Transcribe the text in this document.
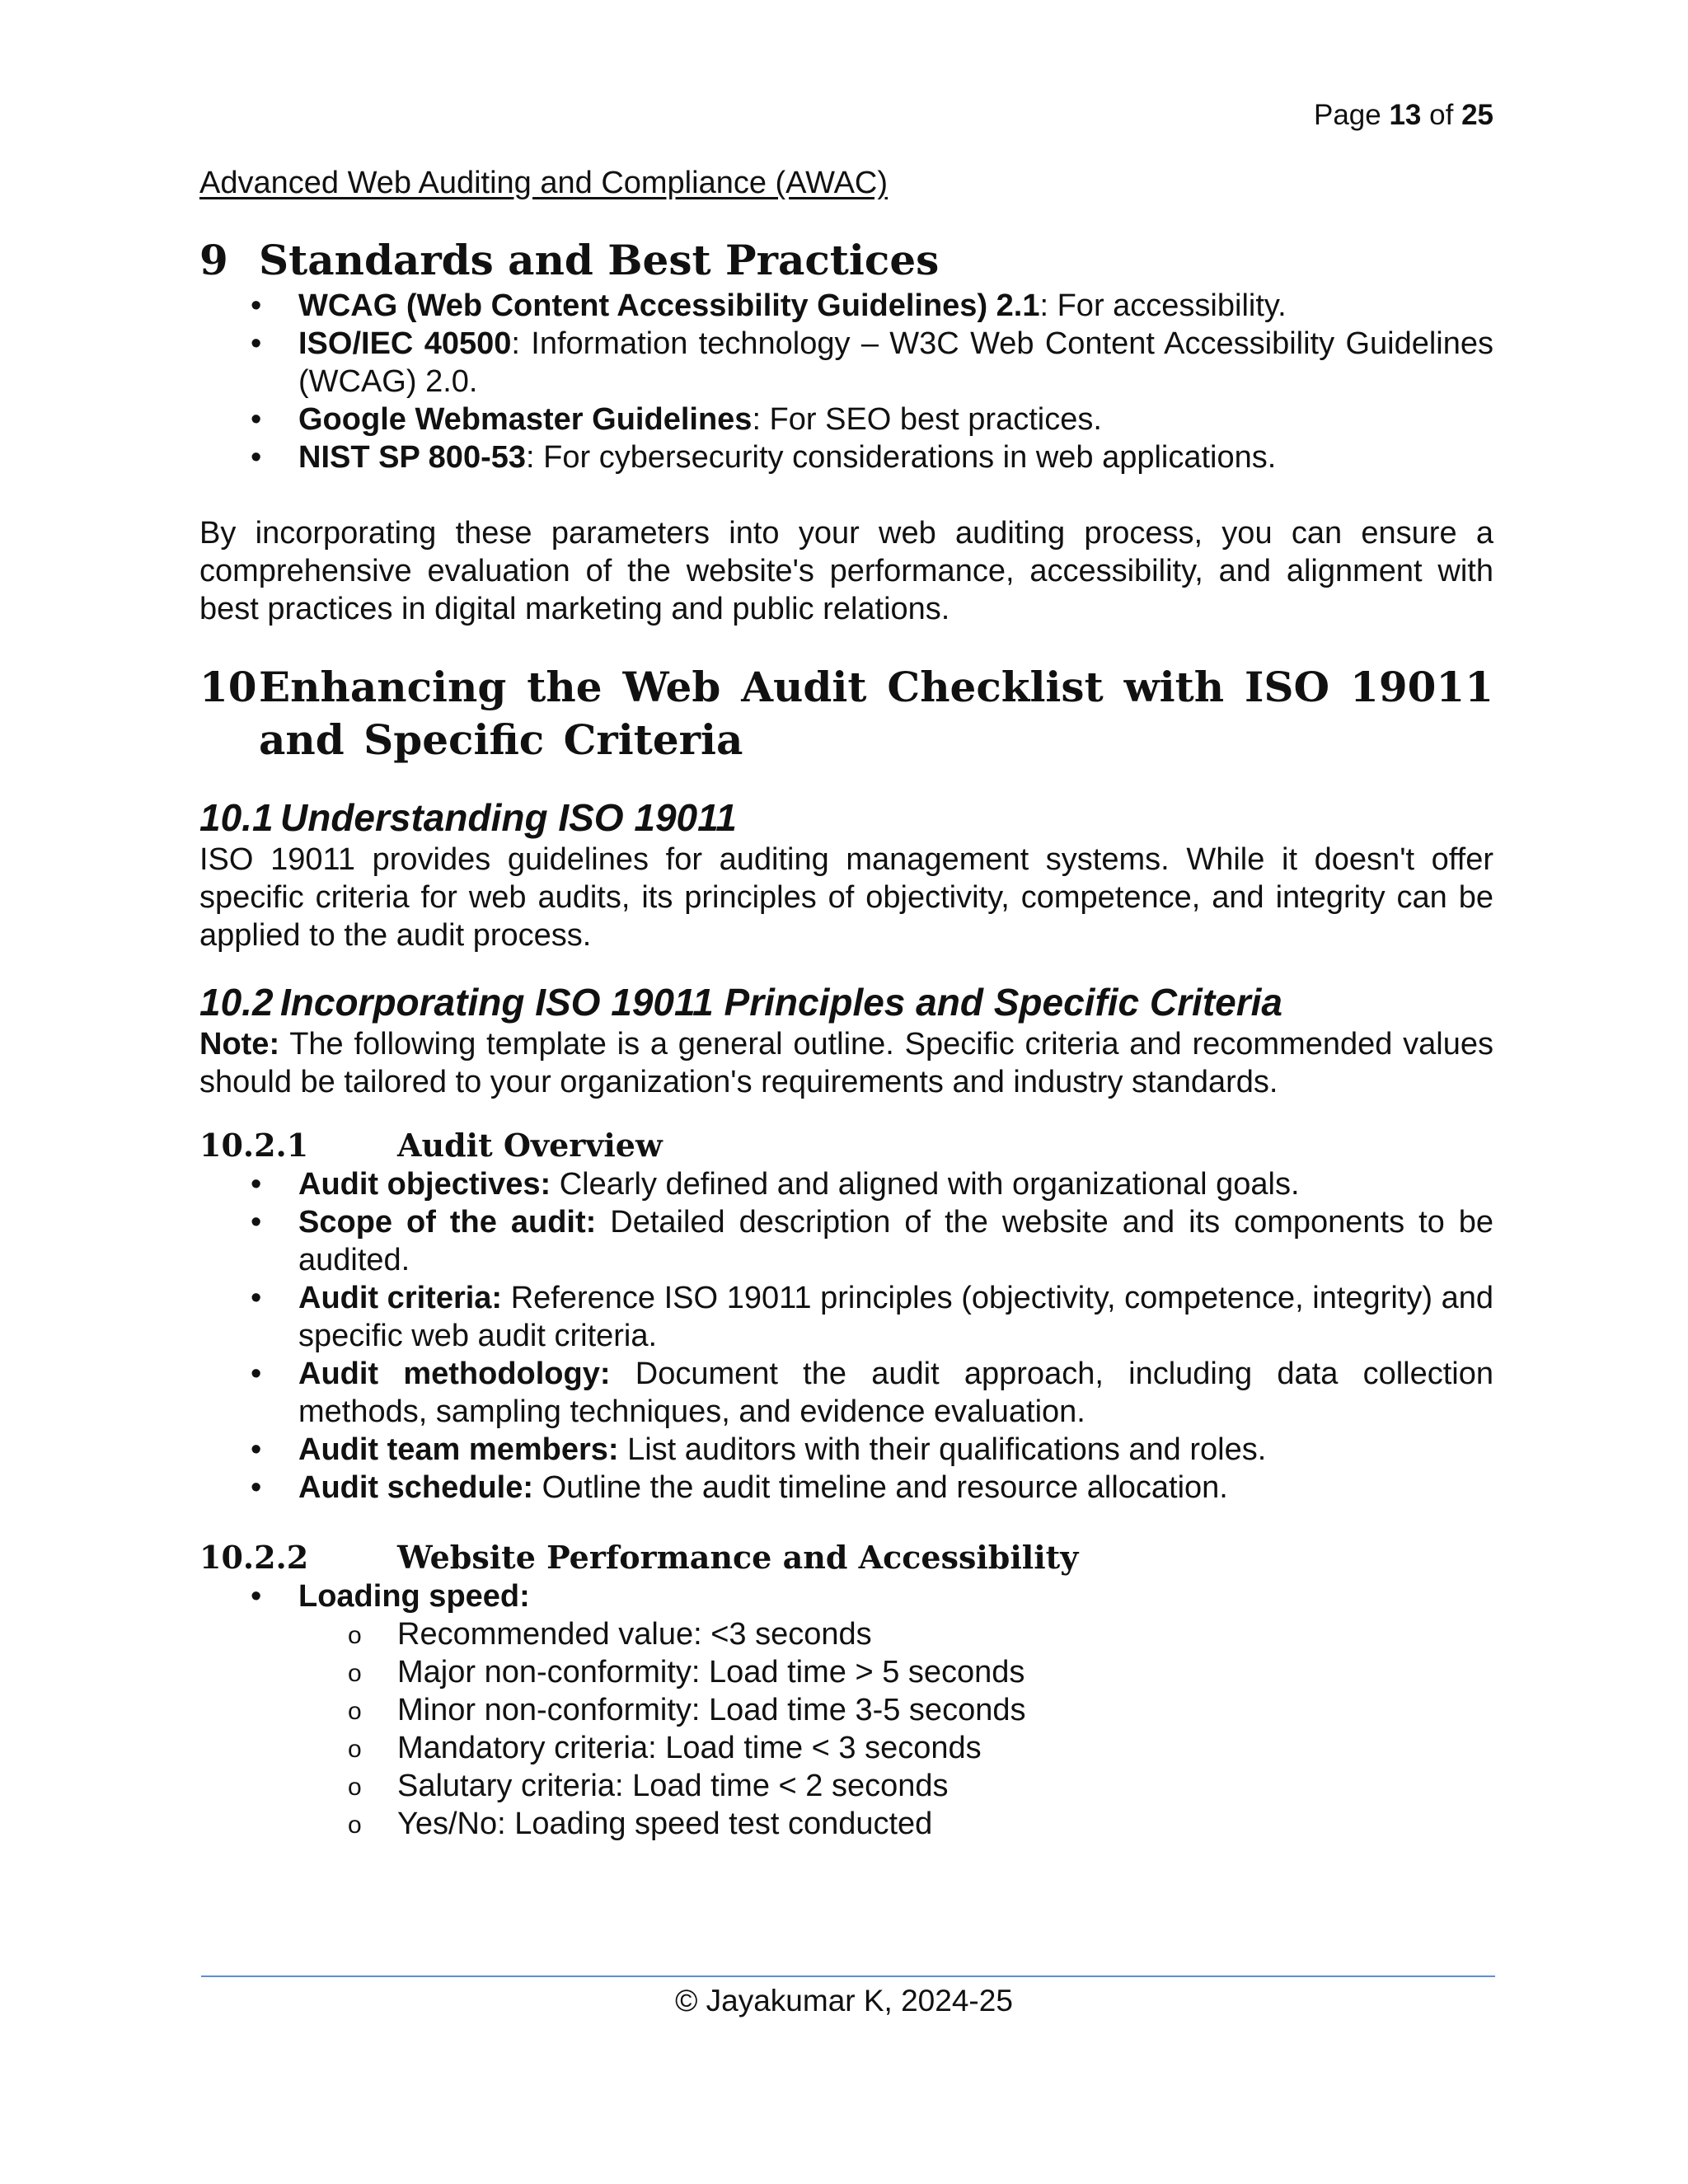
Page 13 of 25
Advanced Web Auditing and Compliance (AWAC)
9 Standards and Best Practices
•	WCAG (Web Content Accessibility Guidelines) 2.1: For accessibility.
•	ISO/IEC 40500: Information technology – W3C Web Content Accessibility Guidelines (WCAG) 2.0.
•	Google Webmaster Guidelines: For SEO best practices.
•	NIST SP 800-53: For cybersecurity considerations in web applications.

By incorporating these parameters into your web auditing process, you can ensure a comprehensive evaluation of the website's performance, accessibility, and alignment with best practices in digital marketing and public relations.

10 Enhancing the Web Audit Checklist with ISO 19011 and Specific Criteria
10.1 Understanding ISO 19011

ISO 19011 provides guidelines for auditing management systems. While it doesn't offer specific criteria for web audits, its principles of objectivity, competence, and integrity can be applied to the audit process.

10.2 Incorporating ISO 19011 Principles and Specific Criteria

Note: The following template is a general outline. Specific criteria and recommended values should be tailored to your organization's requirements and industry standards.

10.2.1	Audit Overview
•	Audit objectives: Clearly defined and aligned with organizational goals.
•	Scope of the audit: Detailed description of the website and its components to be audited.
•	Audit criteria: Reference ISO 19011 principles (objectivity, competence, integrity) and specific web audit criteria.
•	Audit methodology: Document the audit approach, including data collection methods, sampling techniques, and evidence evaluation.
•	Audit team members: List auditors with their qualifications and roles.
•	Audit schedule: Outline the audit timeline and resource allocation.
10.2.2	Website Performance and Accessibility
•	Loading speed:
o Recommended value: <3 seconds
o Major non-conformity: Load time > 5 seconds
o Minor non-conformity: Load time 3-5 seconds
o Mandatory criteria: Load time < 3 seconds
o Salutary criteria: Load time < 2 seconds
o Yes/No: Loading speed test conducted
© Jayakumar K, 2024-25
